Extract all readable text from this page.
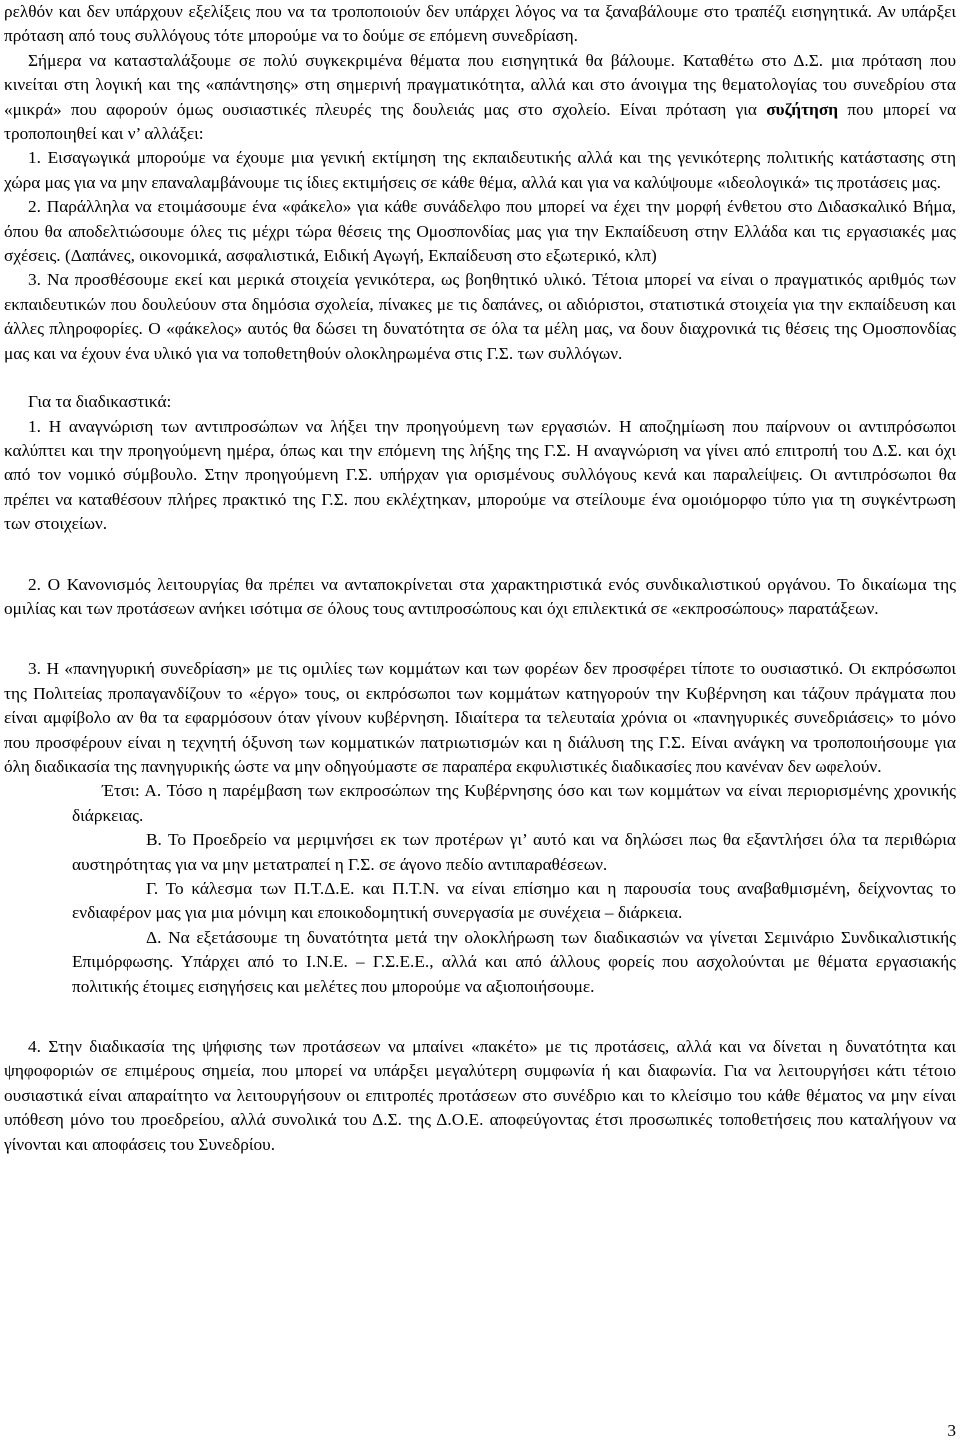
ρελθόν και δεν υπάρχουν εξελίξεις που να τα τροποποιούν δεν υπάρχει λόγος να τα ξαναβάλουμε στο τραπέζι εισηγητικά. Αν υπάρξει πρόταση από τους συλλόγους τότε μπορούμε να το δούμε σε επόμενη συνεδρίαση.

Σήμερα να κατασταλάξουμε σε πολύ συγκεκριμένα θέματα που εισηγητικά θα βάλουμε. Καταθέτω στο Δ.Σ. μια πρόταση που κινείται στη λογική και της «απάντησης» στη σημερινή πραγματικότητα, αλλά και στο άνοιγμα της θεματολογίας του συνεδρίου στα «μικρά» που αφορούν όμως ουσιαστικές πλευρές της δουλειάς μας στο σχολείο. Είναι πρόταση για συζήτηση που μπορεί να τροποποιηθεί και ν’ αλλάξει:

1. Εισαγωγικά μπορούμε να έχουμε μια γενική εκτίμηση της εκπαιδευτικής αλλά και της γενικότερης πολιτικής κατάστασης στη χώρα μας για να μην επαναλαμβάνουμε τις ίδιες εκτιμήσεις σε κάθε θέμα, αλλά και για να καλύψουμε «ιδεολογικά» τις προτάσεις μας.

2. Παράλληλα να ετοιμάσουμε ένα «φάκελο» για κάθε συνάδελφο που μπορεί να έχει την μορφή ένθετου στο Διδασκαλικό Βήμα, όπου θα αποδελτιώσουμε όλες τις μέχρι τώρα θέσεις της Ομοσπονδίας μας για την Εκπαίδευση στην Ελλάδα και τις εργασιακές μας σχέσεις. (Δαπάνες, οικονομικά, ασφαλιστικά, Ειδική Αγωγή, Εκπαίδευση στο εξωτερικό, κλπ)

3. Να προσθέσουμε εκεί και μερικά στοιχεία γενικότερα, ως βοηθητικό υλικό. Τέτοια μπορεί να είναι ο πραγματικός αριθμός των εκπαιδευτικών που δουλεύουν στα δημόσια σχολεία, πίνακες με τις δαπάνες, οι αδιόριστοι, στατιστικά στοιχεία για την εκπαίδευση και άλλες πληροφορίες. Ο «φάκελος» αυτός θα δώσει τη δυνατότητα σε όλα τα μέλη μας, να δουν διαχρονικά τις θέσεις της Ομοσπονδίας μας και να έχουν ένα υλικό για να τοποθετηθούν ολοκληρωμένα στις Γ.Σ. των συλλόγων.

Για τα διαδικαστικά:

1. Η αναγνώριση των αντιπροσώπων να λήξει την προηγούμενη των εργασιών. Η αποζημίωση που παίρνουν οι αντιπρόσωποι καλύπτει και την προηγούμενη ημέρα, όπως και την επόμενη της λήξης της Γ.Σ. Η αναγνώριση να γίνει από επιτροπή του Δ.Σ. και όχι από τον νομικό σύμβουλο. Στην προηγούμενη Γ.Σ. υπήρχαν για ορισμένους συλλόγους κενά και παραλείψεις. Οι αντιπρόσωποι θα πρέπει να καταθέσουν πλήρες πρακτικό της Γ.Σ. που εκλέχτηκαν, μπορούμε να στείλουμε ένα ομοιόμορφο τύπο για τη συγκέντρωση των στοιχείων.

2. Ο Κανονισμός λειτουργίας θα πρέπει να ανταποκρίνεται στα χαρακτηριστικά ενός συνδικαλιστικού οργάνου. Το δικαίωμα της ομιλίας και των προτάσεων ανήκει ισότιμα σε όλους τους αντιπροσώπους και όχι επιλεκτικά σε «εκπροσώπους» παρατάξεων.

3. Η «πανηγυρική συνεδρίαση» με τις ομιλίες των κομμάτων και των φορέων δεν προσφέρει τίποτε το ουσιαστικό. Οι εκπρόσωποι της Πολιτείας προπαγανδίζουν το «έργο» τους, οι εκπρόσωποι των κομμάτων κατηγορούν την Κυβέρνηση και τάζουν πράγματα που είναι αμφίβολο αν θα τα εφαρμόσουν όταν γίνουν κυβέρνηση. Ιδιαίτερα τα τελευταία χρόνια οι «πανηγυρικές συνεδριάσεις» το μόνο που προσφέρουν είναι η τεχνητή όξυνση των κομματικών πατριωτισμών και η διάλυση της Γ.Σ. Είναι ανάγκη να τροποποιήσουμε για όλη διαδικασία της πανηγυρικής ώστε να μην οδηγούμαστε σε παραπέρα εκφυλιστικές διαδικασίες που κανέναν δεν ωφελούν.

Έτσι: Α. Τόσο η παρέμβαση των εκπροσώπων της Κυβέρνησης όσο και των κομμάτων να είναι περιορισμένης χρονικής διάρκειας.

Β. Το Προεδρείο να μεριμνήσει εκ των προτέρων γι’ αυτό και να δηλώσει πως θα εξαντλήσει όλα τα περιθώρια αυστηρότητας για να μην μετατραπεί η Γ.Σ. σε άγονο πεδίο αντιπαραθέσεων.

Γ. Το κάλεσμα των Π.Τ.Δ.Ε. και Π.Τ.Ν. να είναι επίσημο και η παρουσία τους αναβαθμισμένη, δείχνοντας το ενδιαφέρον μας για μια μόνιμη και εποικοδομητική συνεργασία με συνέχεια – διάρκεια.

Δ. Να εξετάσουμε τη δυνατότητα μετά την ολοκλήρωση των διαδικασιών να γίνεται Σεμινάριο Συνδικαλιστικής Επιμόρφωσης. Υπάρχει από το Ι.Ν.Ε. – Γ.Σ.Ε.Ε., αλλά και από άλλους φορείς που ασχολούνται με θέματα εργασιακής πολιτικής έτοιμες εισηγήσεις και μελέτες που μπορούμε να αξιοποιήσουμε.

4. Στην διαδικασία της ψήφισης των προτάσεων να μπαίνει «πακέτο» με τις προτάσεις, αλλά και να δίνεται η δυνατότητα και ψηφοφοριών σε επιμέρους σημεία, που μπορεί να υπάρξει μεγαλύτερη συμφωνία ή και διαφωνία. Για να λειτουργήσει κάτι τέτοιο ουσιαστικά είναι απαραίτητο να λειτουργήσουν οι επιτροπές προτάσεων στο συνέδριο και το κλείσιμο του κάθε θέματος να μην είναι υπόθεση μόνο του προεδρείου, αλλά συνολικά του Δ.Σ. της Δ.Ο.Ε. αποφεύγοντας έτσι προσωπικές τοποθετήσεις που καταλήγουν να γίνονται και αποφάσεις του Συνεδρίου.

3
